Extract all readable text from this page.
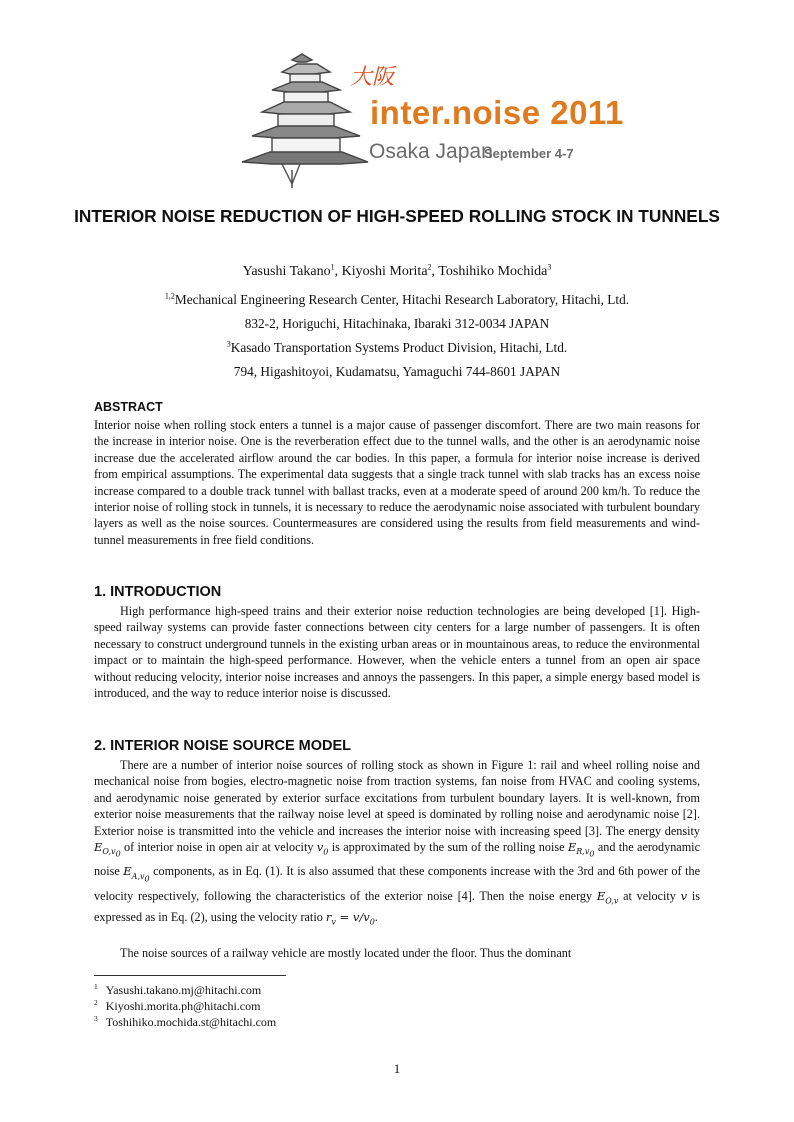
大阪
inter.noise 2011
Osaka Japan
September 4-7
INTERIOR NOISE REDUCTION OF HIGH-SPEED ROLLING STOCK IN TUNNELS
Yasushi Takano$^1$, Kiyoshi Morita$^2$, Toshihiko Mochida$^3$
$^{1,2}$Mechanical Engineering Research Center, Hitachi Research Laboratory, Hitachi, Ltd.
832-2, Horiguchi, Hitachinaka, Ibaraki 312-0034 JAPAN
$^3$Kasado Transportation Systems Product Division, Hitachi, Ltd.
794, Higashitoyoi, Kudamatsu, Yamaguchi 744-8601 JAPAN
ABSTRACT
Interior noise when rolling stock enters a tunnel is a major cause of passenger discomfort. There are two main reasons for the increase in interior noise. One is the reverberation effect due to the tunnel walls, and the other is an aerodynamic noise increase due the accelerated airflow around the car bodies. In this paper, a formula for interior noise increase is derived from empirical assumptions. The experimental data suggests that a single track tunnel with slab tracks has an excess noise increase compared to a double track tunnel with ballast tracks, even at a moderate speed of around 200 km/h. To reduce the interior noise of rolling stock in tunnels, it is necessary to reduce the aerodynamic noise associated with turbulent boundary layers as well as the noise sources. Countermeasures are considered using the results from field measurements and wind-tunnel measurements in free field conditions.
1. INTRODUCTION
High performance high-speed trains and their exterior noise reduction technologies are being developed [1]. High-speed railway systems can provide faster connections between city centers for a large number of passengers. It is often necessary to construct underground tunnels in the existing urban areas or in mountainous areas, to reduce the environmental impact or to maintain the high-speed performance. However, when the vehicle enters a tunnel from an open air space without reducing velocity, interior noise increases and annoys the passengers. In this paper, a simple energy based model is introduced, and the way to reduce interior noise is discussed.
2. INTERIOR NOISE SOURCE MODEL
There are a number of interior noise sources of rolling stock as shown in Figure 1: rail and wheel rolling noise and mechanical noise from bogies, electro-magnetic noise from traction systems, fan noise from HVAC and cooling systems, and aerodynamic noise generated by exterior surface excitations from turbulent boundary layers. It is well-known, from exterior noise measurements that the railway noise level at speed is dominated by rolling noise and aerodynamic noise [2]. Exterior noise is transmitted into the vehicle and increases the interior noise with increasing speed [3]. The energy density $E_{O,v_0}$ of interior noise in open air at velocity $v_0$ is approximated by the sum of the rolling noise $E_{R,v_0}$ and the aerodynamic noise $E_{A,v_0}$ components, as in Eq. (1). It is also assumed that these components increase with the 3rd and 6th power of the velocity respectively, following the characteristics of the exterior noise [4]. Then the noise energy $E_{O,v}$ at velocity v is expressed as in Eq. (2), using the velocity ratio $r_v = v/v_0$.
The noise sources of a railway vehicle are mostly located under the floor. Thus the dominant
$^1$ Yasushi.takano.mj@hitachi.com
$^2$ Kiyoshi.morita.ph@hitachi.com
$^3$ Toshihiko.mochida.st@hitachi.com
1
